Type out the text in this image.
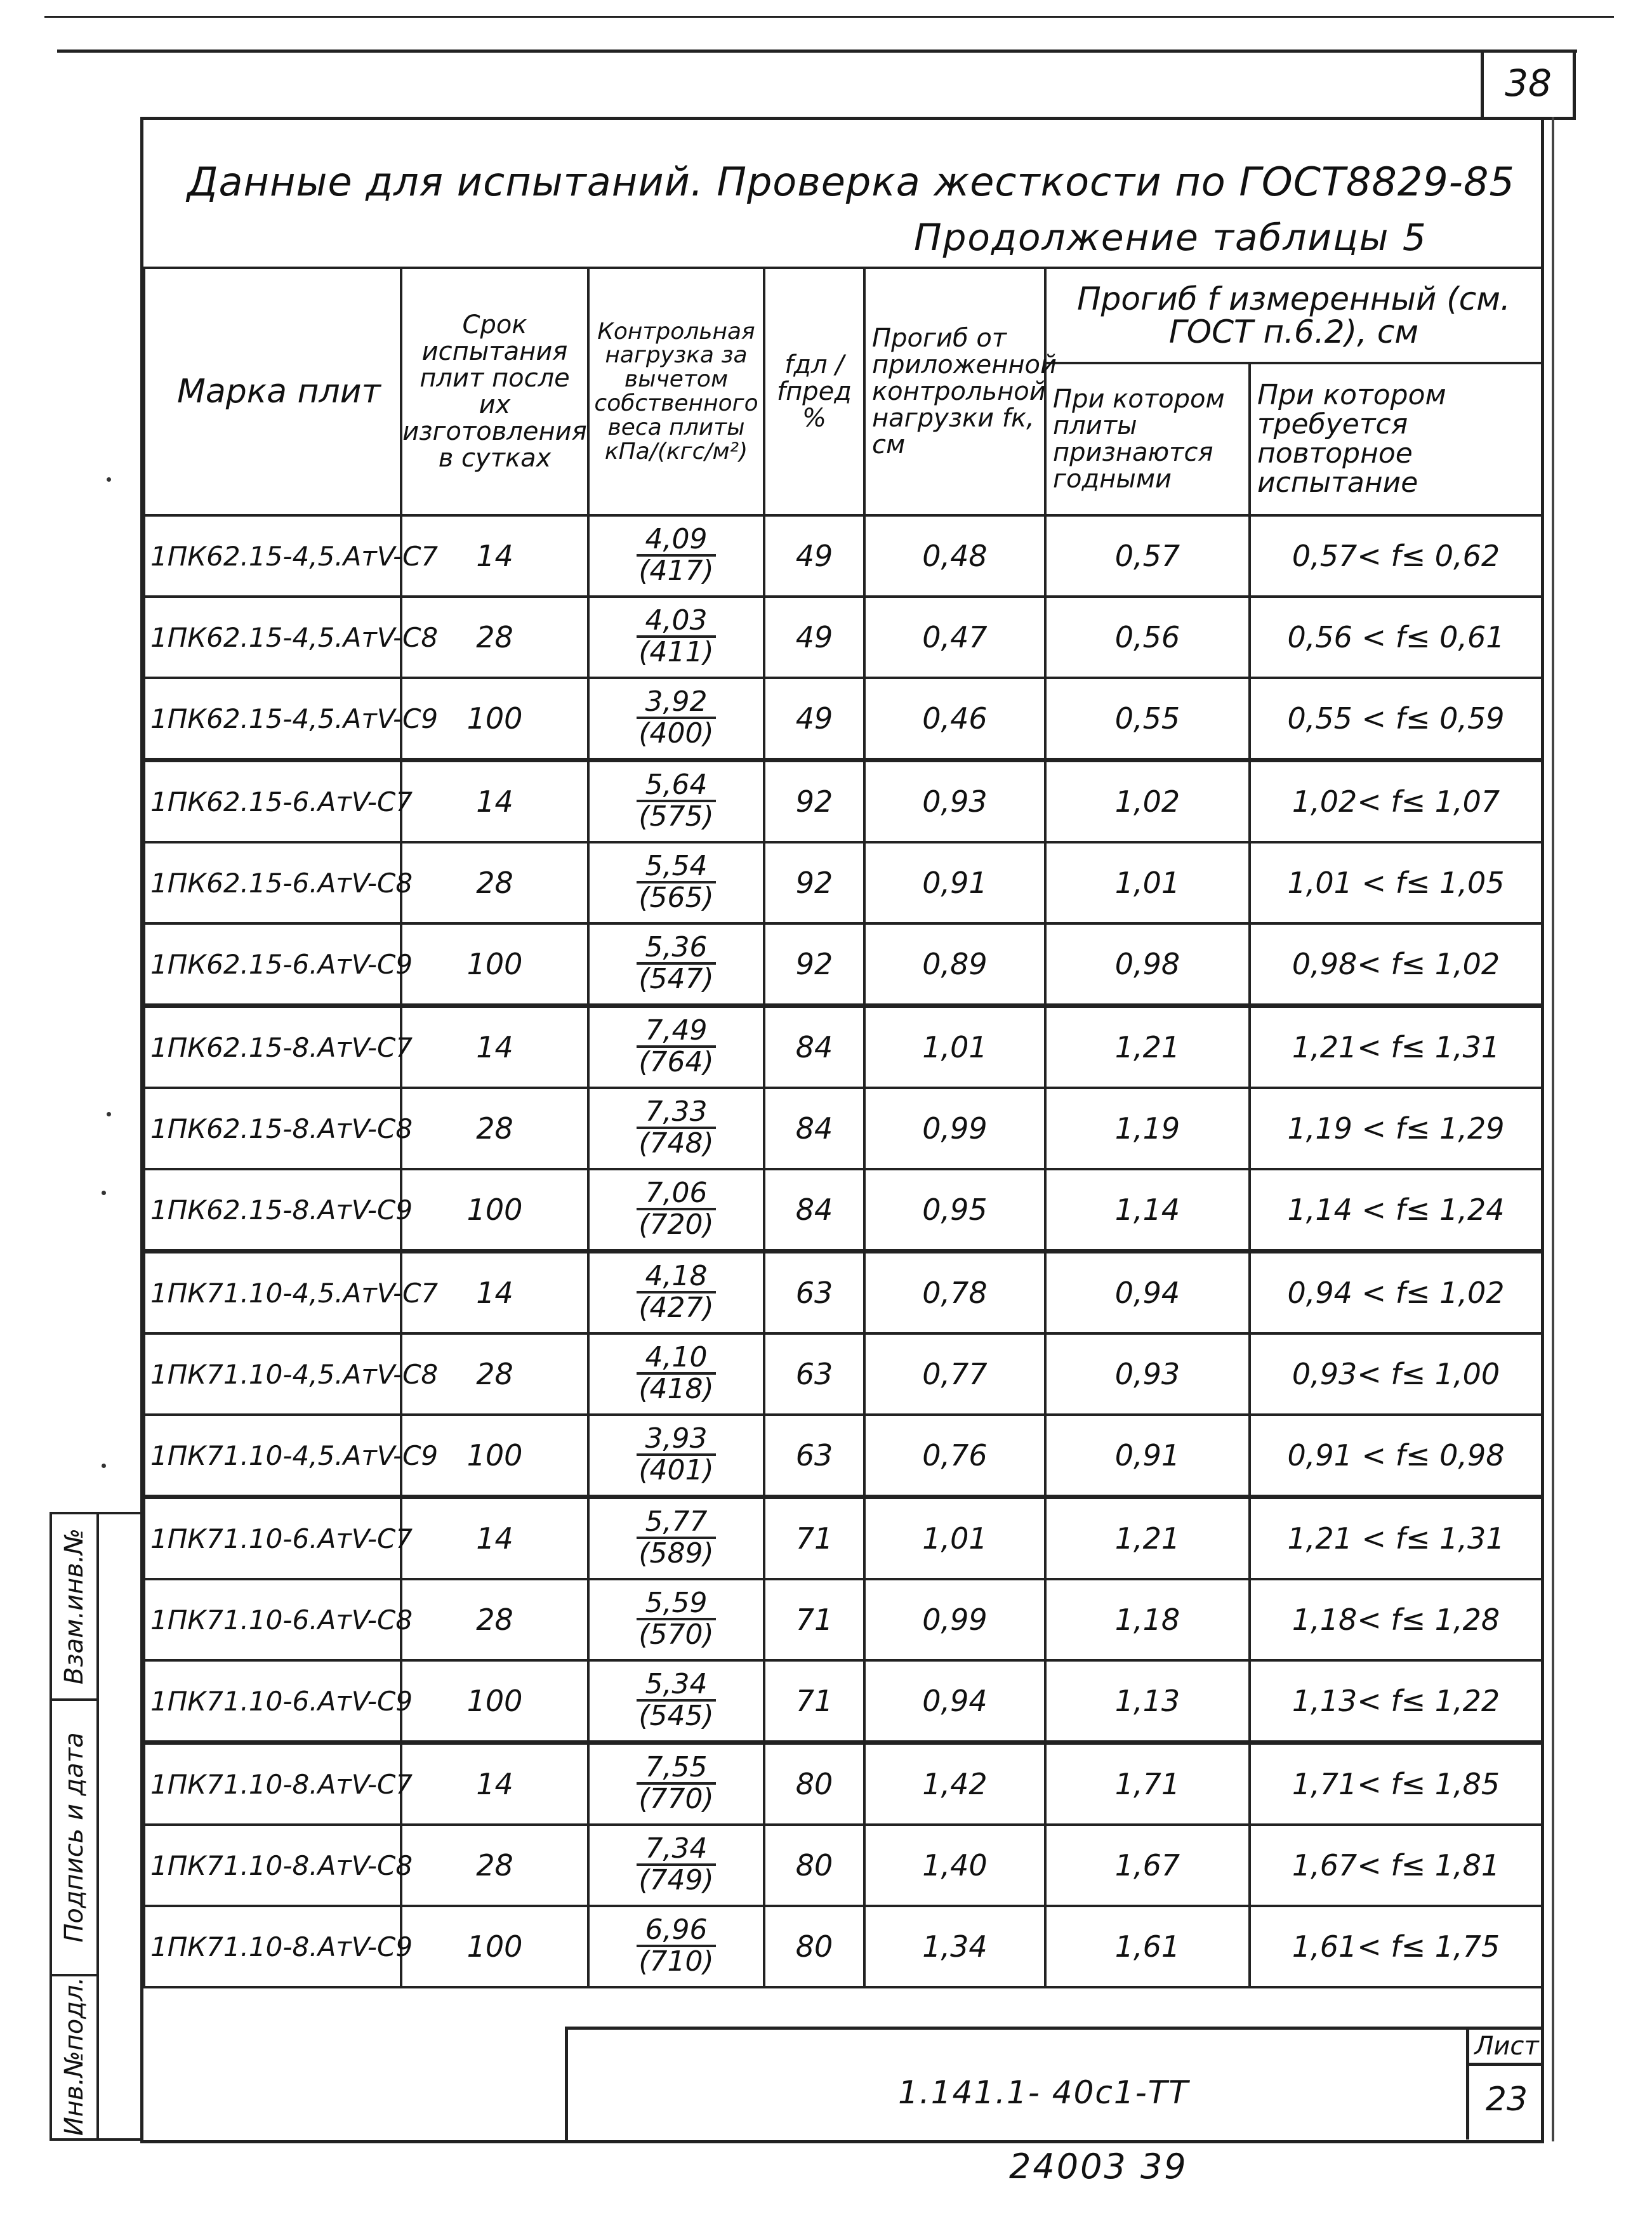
38
Данные для испытаний. Проверка жесткости по ГОСТ8829-85
Продолжение таблицы 5
Марка плит	Срок испытания плит после их изготовления в сутках	Контрольная нагрузка за вычетом собственного веса плиты кПа/(кгс/м²)	fдл / fпред %	Прогиб от приложенной контрольной нагрузки fк, см	Прогиб f измеренный (см. ГОСТ п.6.2), см	
					При котором плиты признаются годными	При котором требуется повторное испытание
1ПК62.15-4,5.АтV-С7	14	$\frac{4,09}{(417)}$	49	0,48	0,57	0,57< f≤ 0,62
1ПК62.15-4,5.АтV-С8	28	$\frac{4,03}{(411)}$	49	0,47	0,56	0,56 < f≤ 0,61
1ПК62.15-4,5.АтV-С9	100	$\frac{3,92}{(400)}$	49	0,46	0,55	0,55 < f≤ 0,59
1ПК62.15-6.АтV-С7	14	$\frac{5,64}{(575)}$	92	0,93	1,02	1,02< f≤ 1,07
1ПК62.15-6.АтV-С8	28	$\frac{5,54}{(565)}$	92	0,91	1,01	1,01 < f≤ 1,05
1ПК62.15-6.АтV-С9	100	$\frac{5,36}{(547)}$	92	0,89	0,98	0,98< f≤ 1,02
1ПК62.15-8.АтV-С7	14	$\frac{7,49}{(764)}$	84	1,01	1,21	1,21< f≤ 1,31
1ПК62.15-8.АтV-С8	28	$\frac{7,33}{(748)}$	84	0,99	1,19	1,19 < f≤ 1,29
1ПК62.15-8.АтV-С9	100	$\frac{7,06}{(720)}$	84	0,95	1,14	1,14 < f≤ 1,24
1ПК71.10-4,5.АтV-С7	14	$\frac{4,18}{(427)}$	63	0,78	0,94	0,94 < f≤ 1,02
1ПК71.10-4,5.АтV-С8	28	$\frac{4,10}{(418)}$	63	0,77	0,93	0,93< f≤ 1,00
1ПК71.10-4,5.АтV-С9	100	$\frac{3,93}{(401)}$	63	0,76	0,91	0,91 < f≤ 0,98
1ПК71.10-6.АтV-С7	14	$\frac{5,77}{(589)}$	71	1,01	1,21	1,21 < f≤ 1,31
1ПК71.10-6.АтV-С8	28	$\frac{5,59}{(570)}$	71	0,99	1,18	1,18< f≤ 1,28
1ПК71.10-6.АтV-С9	100	$\frac{5,34}{(545)}$	71	0,94	1,13	1,13< f≤ 1,22
1ПК71.10-8.АтV-С7	14	$\frac{7,55}{(770)}$	80	1,42	1,71	1,71< f≤ 1,85
1ПК71.10-8.АтV-С8	28	$\frac{7,34}{(749)}$	80	1,40	1,67	1,67< f≤ 1,81
1ПК71.10-8.АтV-С9	100	$\frac{6,96}{(710)}$	80	1,34	1,61	1,61< f≤ 1,75
1.141.1- 40с1-ТТ
Лист
23
Взам.инв.№
Подпись и дата
Инв.№подл.
24003 39
